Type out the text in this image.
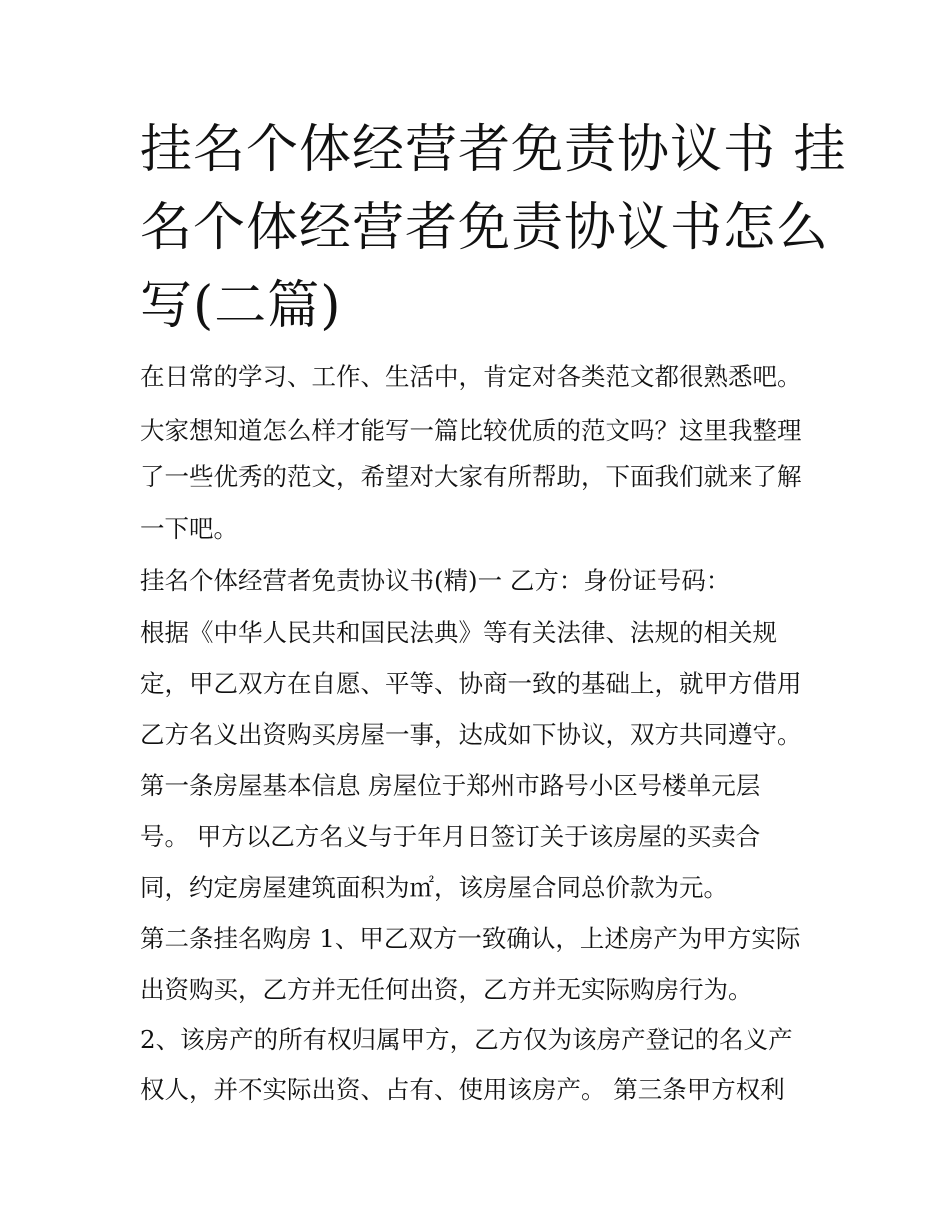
挂名个体经营者免责协议书 挂
名个体经营者免责协议书怎么
写(二篇)
在日常的学习、工作、生活中，肯定对各类范文都很熟悉吧。
大家想知道怎么样才能写一篇比较优质的范文吗？这里我整理
了一些优秀的范文，希望对大家有所帮助，下面我们就来了解
一下吧。
挂名个体经营者免责协议书(精)一 乙方：身份证号码：
根据《中华人民共和国民法典》等有关法律、法规的相关规
定，甲乙双方在自愿、平等、协商一致的基础上，就甲方借用
乙方名义出资购买房屋一事，达成如下协议，双方共同遵守。
第一条房屋基本信息 房屋位于郑州市路号小区号楼单元层
号。 甲方以乙方名义与于年月日签订关于该房屋的买卖合
同，约定房屋建筑面积为㎡，该房屋合同总价款为元。
第二条挂名购房 1、甲乙双方一致确认，上述房产为甲方实际
出资购买，乙方并无任何出资，乙方并无实际购房行为。
2、该房产的所有权归属甲方，乙方仅为该房产登记的名义产
权人，并不实际出资、占有、使用该房产。 第三条甲方权利
